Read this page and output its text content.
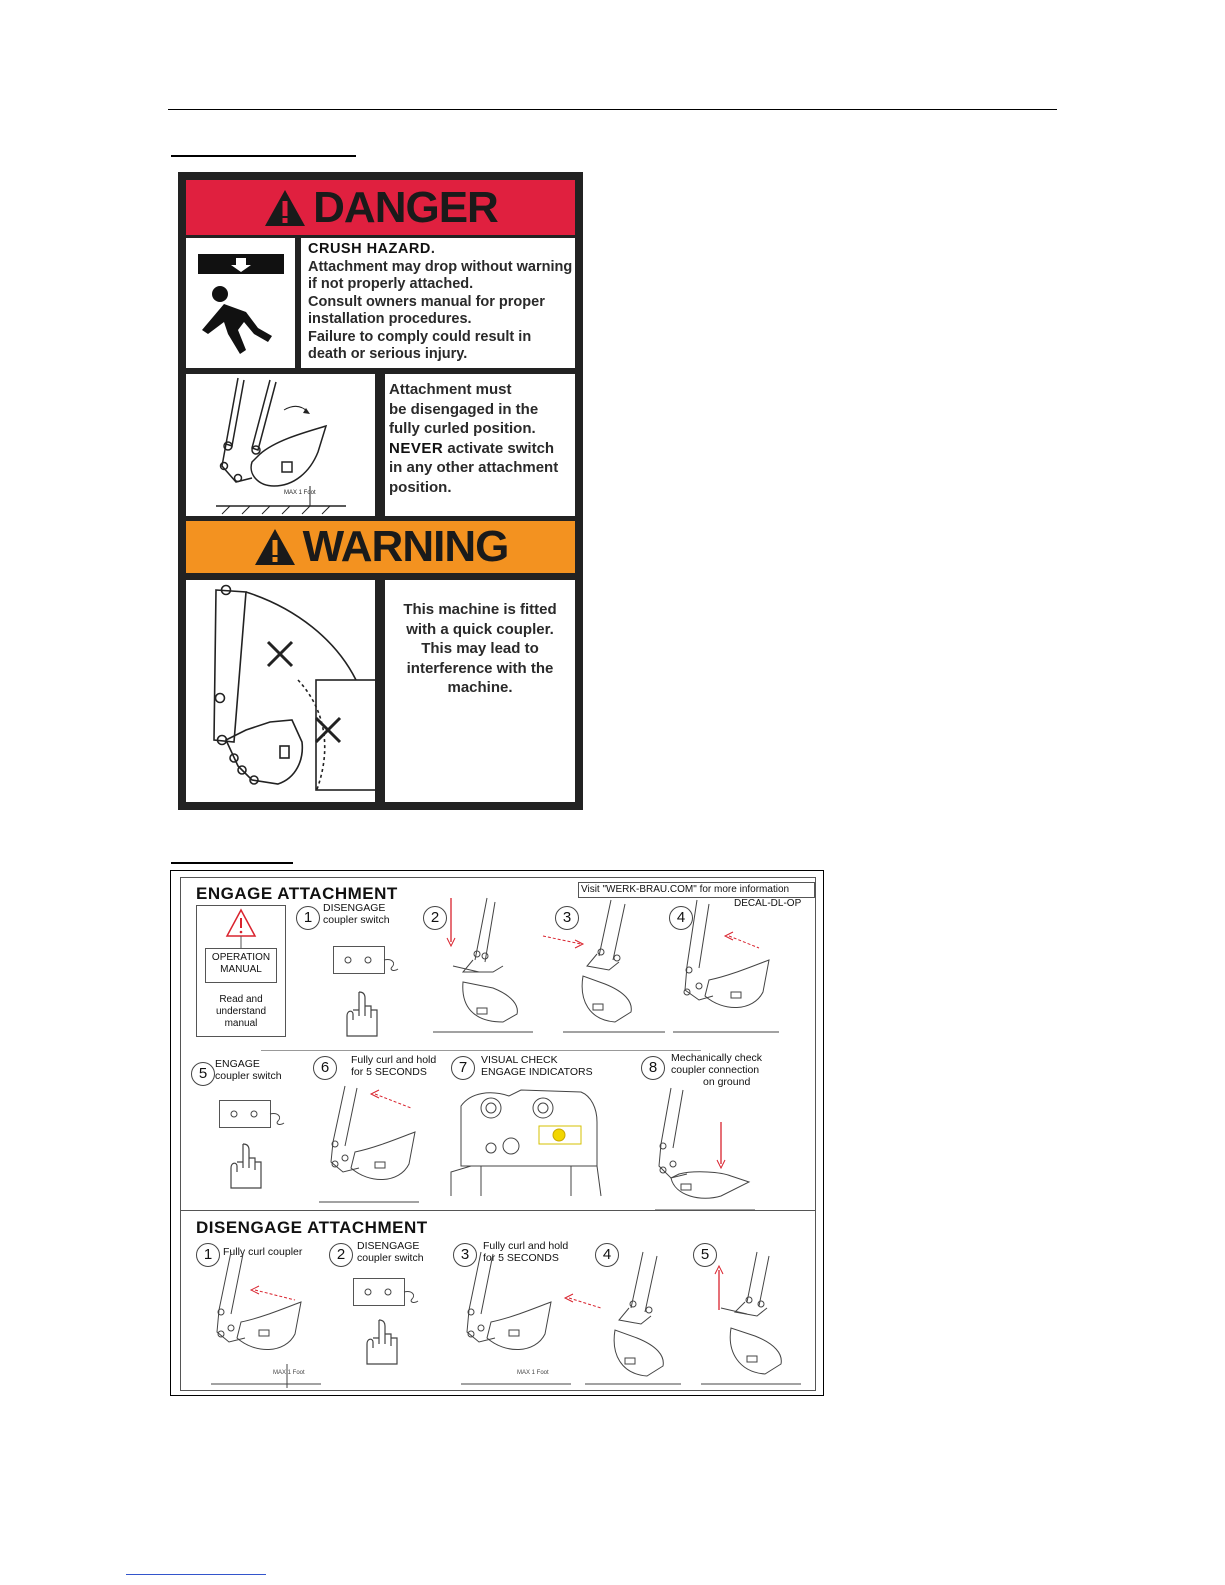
DANGER
CRUSH HAZARD.
Attachment may drop without warning
if not properly attached.
Consult owners manual for proper
installation procedures.
Failure to comply could result in
death or serious injury.
MAX 1 Foot
Attachment must
be disengaged in the
fully curled position.
NEVER activate switch
in any other attachment
position.
WARNING
This machine is fitted
with a quick coupler.
This may lead to
interference with the
machine.
ENGAGE ATTACHMENT	Visit "WERK-BRAU.COM" for more information
DECAL-DL-OP
OPERATION
MANUAL
Read and
understand
manual
1
DISENGAGE
coupler switch	2	3	4
5
ENGAGE
coupler switch	6	Fully curl and hold
for 5 SECONDS	7	VISUAL CHECK
ENGAGE INDICATORS	8
Mechanically check
coupler connection
on ground
DISENGAGE ATTACHMENT
1	Fully curl coupler	2	DISENGAGE
coupler switch	3	Fully curl and hold
for 5 SECONDS	4	5
MAX 1 Foot	MAX 1 Foot
